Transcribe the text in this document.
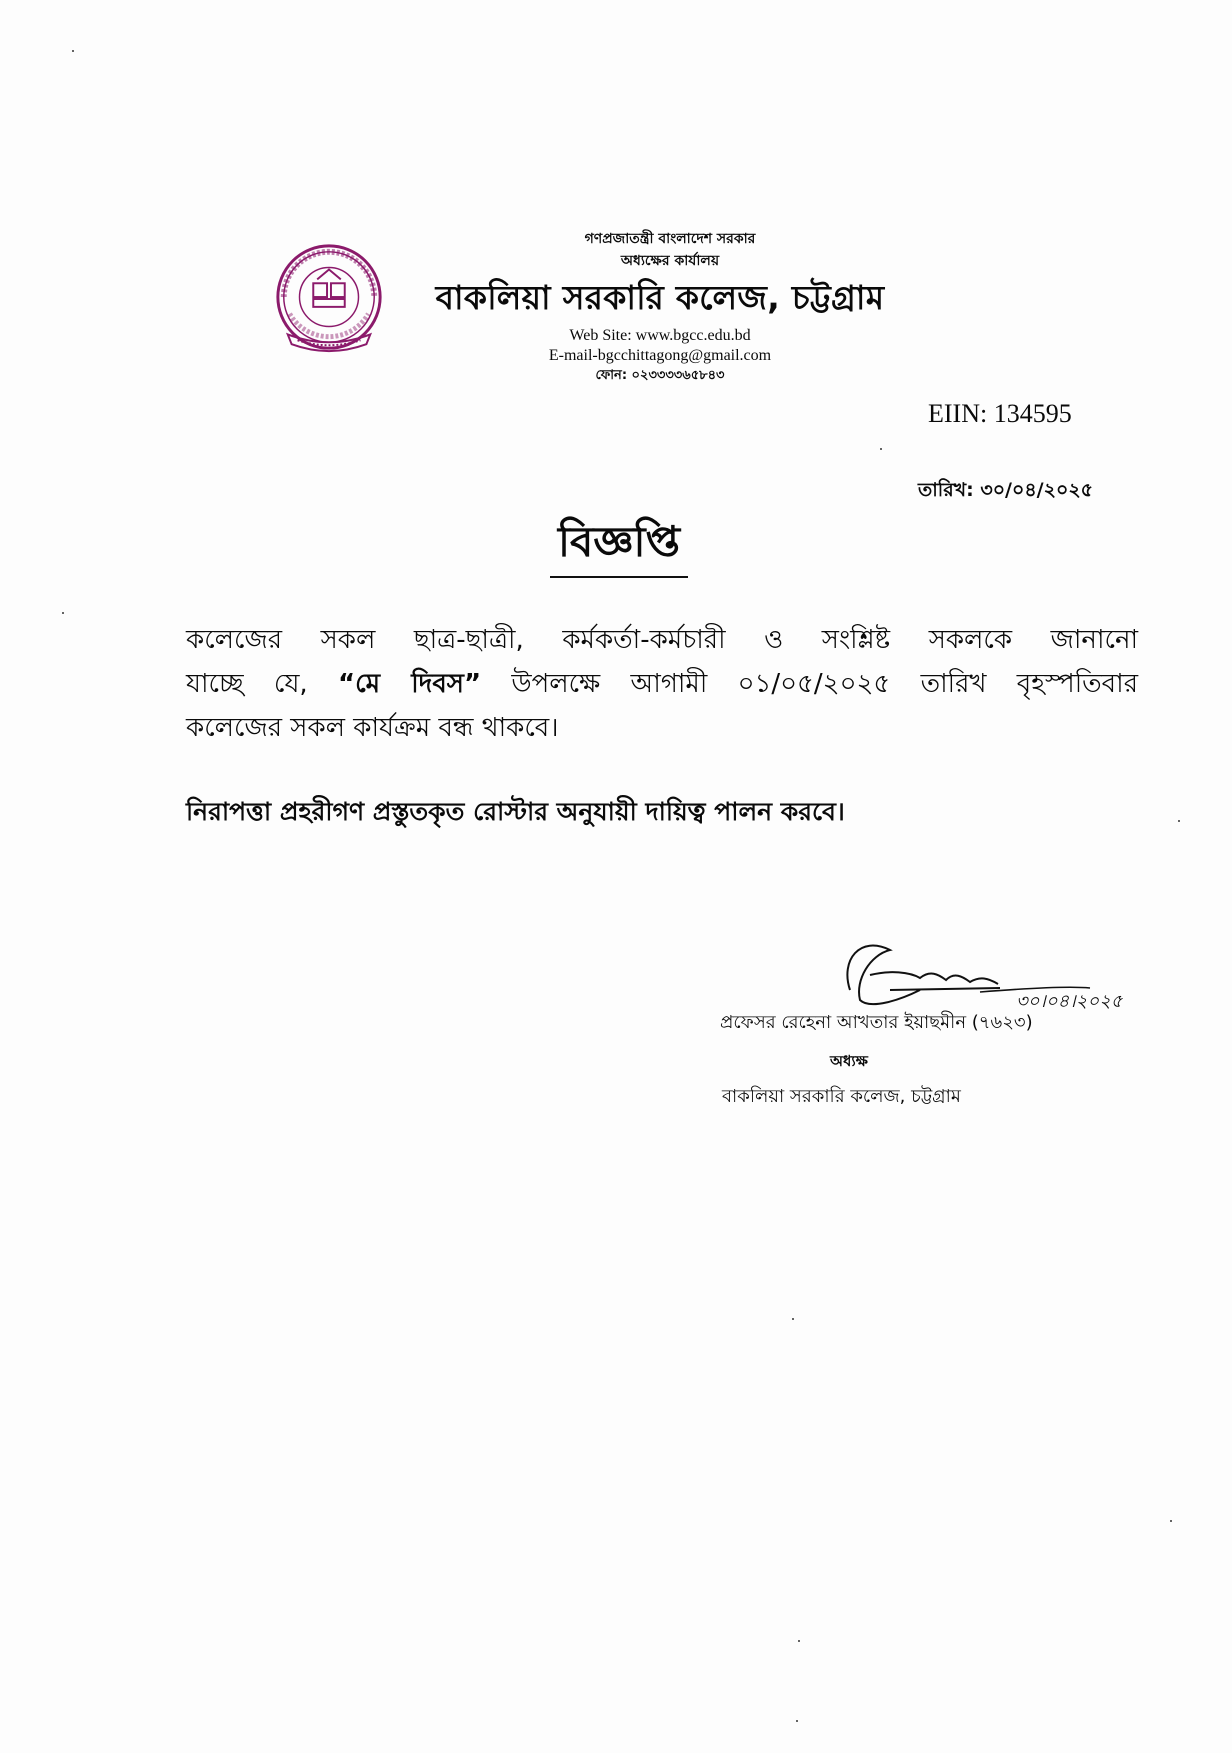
গণপ্রজাতন্ত্রী বাংলাদেশ সরকার
অধ্যক্ষের কার্যালয়
বাকলিয়া সরকারি কলেজ, চট্টগ্রাম
Web Site: www.bgcc.edu.bd
E-mail-bgcchittagong@gmail.com
ফোন: ০২৩৩৩৩৬৫৮৪৩
EIIN: 134595
তারিখ: ৩০/০৪/২০২৫
বিজ্ঞপ্তি
কলেজের সকল ছাত্র-ছাত্রী, কর্মকর্তা-কর্মচারী ও সংশ্লিষ্ট সকলকে জানানো
যাচ্ছে যে, “মে দিবস” উপলক্ষে আগামী ০১/০৫/২০২৫ তারিখ বৃহস্পতিবার
কলেজের সকল কার্যক্রম বন্ধ থাকবে।
নিরাপত্তা প্রহরীগণ প্রস্তুতকৃত রোস্টার অনুযায়ী দায়িত্ব পালন করবে।
৩০।০৪।২০২৫
প্রফেসর রেহেনা আখতার ইয়াছমীন (৭৬২৩)
অধ্যক্ষ
বাকলিয়া সরকারি কলেজ, চট্টগ্রাম
